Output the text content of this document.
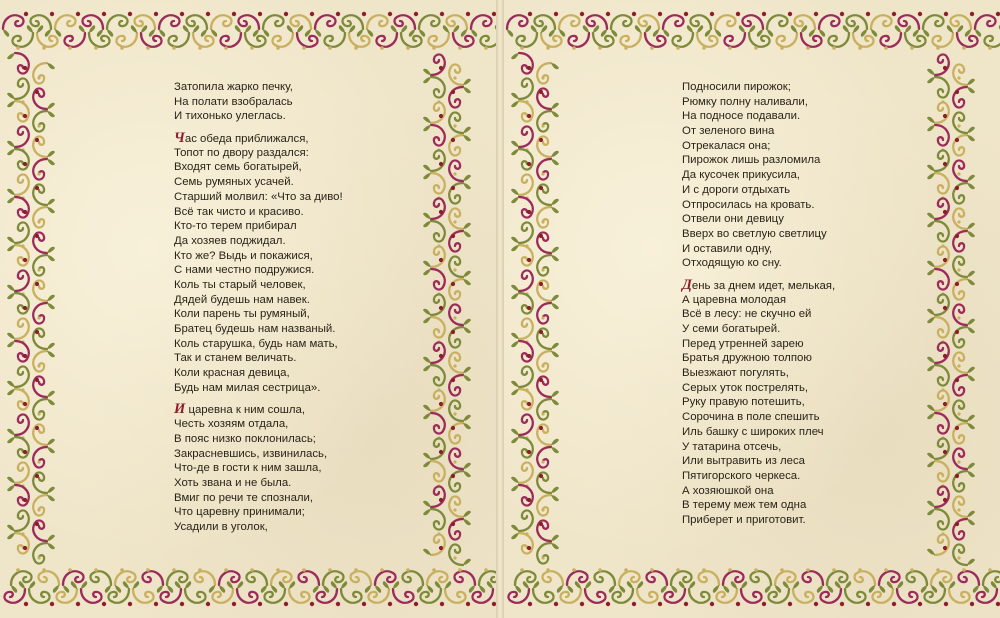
Затопила жарко печку,
На полати взобралась
И тихонько улеглась.
Час обеда приближался,
Топот по двору раздался:
Входят семь богатырей,
Семь румяных усачей.
Старший молвил: «Что за диво!
Всё так чисто и красиво.
Кто-то терем прибирал
Да хозяев поджидал.
Кто же? Выдь и покажися,
С нами честно подружися.
Коль ты старый человек,
Дядей будешь нам навек.
Коли парень ты румяный,
Братец будешь нам названый.
Коль старушка, будь нам мать,
Так и станем величать.
Коли красная девица,
Будь нам милая сестрица».
И царевна к ним сошла,
Честь хозяям отдала,
В пояс низко поклонилась;
Закрасневшись, извинилась,
Что-де в гости к ним зашла,
Хоть звана и не была.
Вмиг по речи те спознали,
Что царевну принимали;
Усадили в уголок,
Подносили пирожок;
Рюмку полну наливали,
На подносе подавали.
От зеленого вина
Отрекалася она;
Пирожок лишь разломила
Да кусочек прикусила,
И с дороги отдыхать
Отпросилась на кровать.
Отвели они девицу
Вверх во светлую светлицу
И оставили одну,
Отходящую ко сну.
День за днем идет, мелькая,
А царевна молодая
Всё в лесу: не скучно ей
У семи богатырей.
Перед утренней зарею
Братья дружною толпою
Выезжают погулять,
Серых уток пострелять,
Руку правую потешить,
Сорочина в поле спешить
Иль башку с широких плеч
У татарина отсечь,
Или вытравить из леса
Пятигорского черкеса.
А хозяюшкой она
В терему меж тем одна
Приберет и приготовит.
